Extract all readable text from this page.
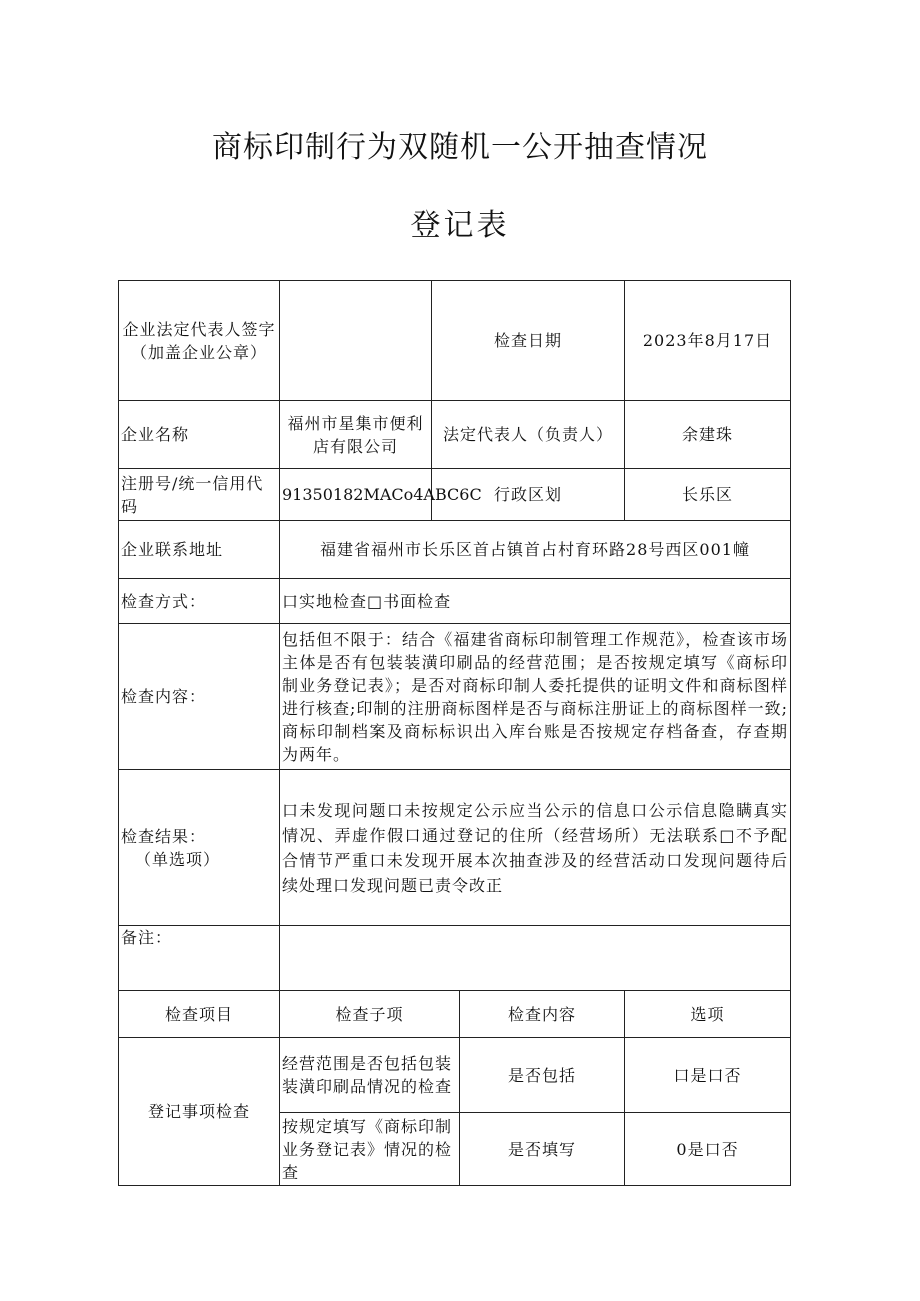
商标印制行为双随机一公开抽查情况
登记表
企业法定代表人签字（加盖企业公章）		检查日期		2023年8月17日
企业名称	福州市星集市便利店有限公司	法定代表人（负责人）		余建珠
注册号/统一信用代码	91350182MACo4ABC6C	行政区划		长乐区
企业联系地址	福建省福州市长乐区首占镇首占村育环路28号西区001幢			
检查方式：	口实地检查□书面检查			
检查内容：	包括但不限于：结合《福建省商标印制管理工作规范》，检查该市场主体是否有包装装潢印刷品的经营范围；是否按规定填写《商标印制业务登记表》；是否对商标印制人委托提供的证明文件和商标图样进行核查;印制的注册商标图样是否与商标注册证上的商标图样一致;商标印制档案及商标标识出入库台账是否按规定存档备查，存查期为两年。			

检查结果：
（单选项）	口未发现问题口未按规定公示应当公示的信息口公示信息隐瞒真实情况、弄虚作假口通过登记的住所（经营场所）无法联系□不予配合情节严重口未发现开展本次抽查涉及的经营活动口发现问题待后续处理口发现问题已责令改正			
备注：				
检查项目	检查子项		检查内容	选项
登记事项检查	经营范围是否包括包装装潢印刷品情况的检查		是否包括	口是口否
	按规定填写《商标印制业务登记表》情况的检查		是否填写	0是口否
